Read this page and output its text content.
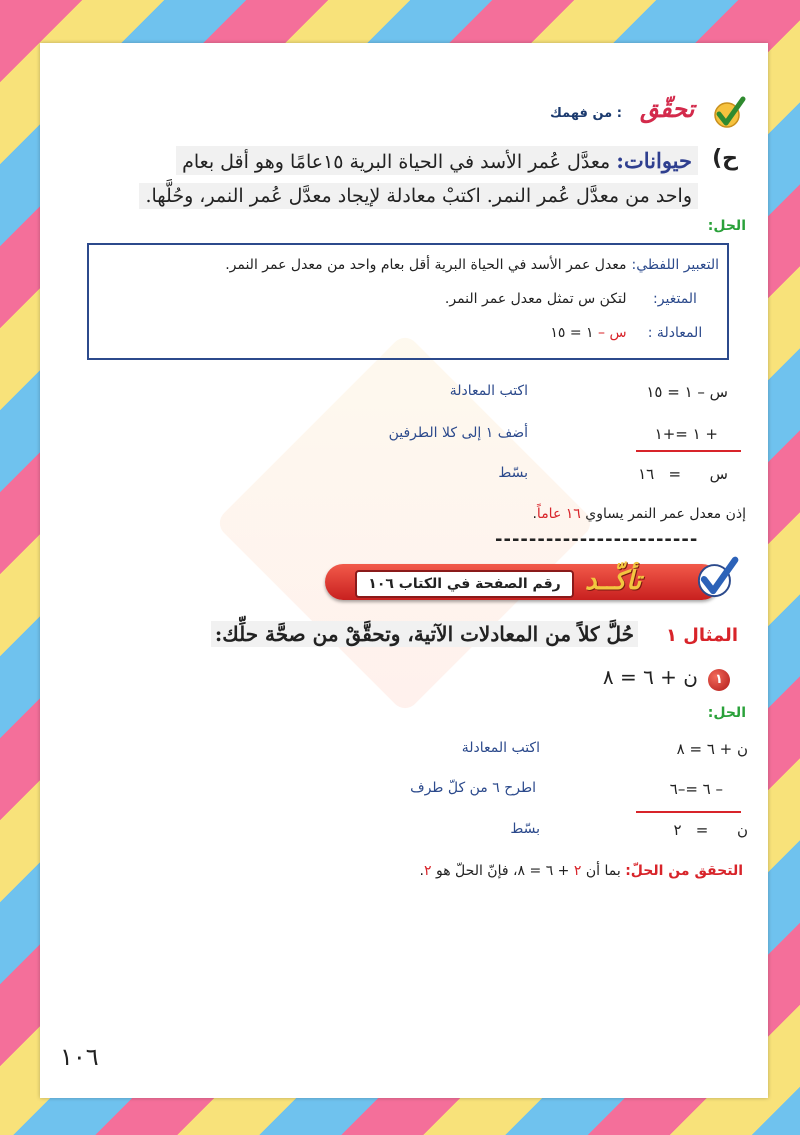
تحقّق
من فهمك :
ح)
حيوانات: معدَّل عُمر الأسد في الحياة البرية ١٥عامًا وهو أقل بعام
واحد من معدَّل عُمر النمر. اكتبْ معادلة لإيجاد معدَّل عُمر النمر، وحُلَّها.
الحل:
التعبير اللفظي: معدل عمر الأسد في الحياة البرية أقل بعام واحد من معدل عمر النمر.
المتغير: لتكن س تمثل معدل عمر النمر.
المعادلة : س – ١ = ١٥
س – ١ = ١٥
اكتب المعادلة
+ ١ =+١
أضف ١ إلى كلا الطرفين
س      =   ١٦
بسّط
إذن معدل عمر النمر يساوي ١٦ عاماً.
------------------------
رقم الصفحة في الكتاب ١٠٦ تأكّــد
المثال ١
حُلَّ كلاً من المعادلات الآتية، وتحقَّقْ من صحَّة حلِّك:
١
ن + ٦ = ٨
الحل:
ن + ٦ = ٨
اكتب المعادلة
– ٦ =–٦
اطرح ٦ من كلّ طرف
ن      =   ٢
بسّط
التحقق من الحلّ: بما أن ٢ + ٦ = ٨، فإنّ الحلّ هو ٢.
١٠٦
